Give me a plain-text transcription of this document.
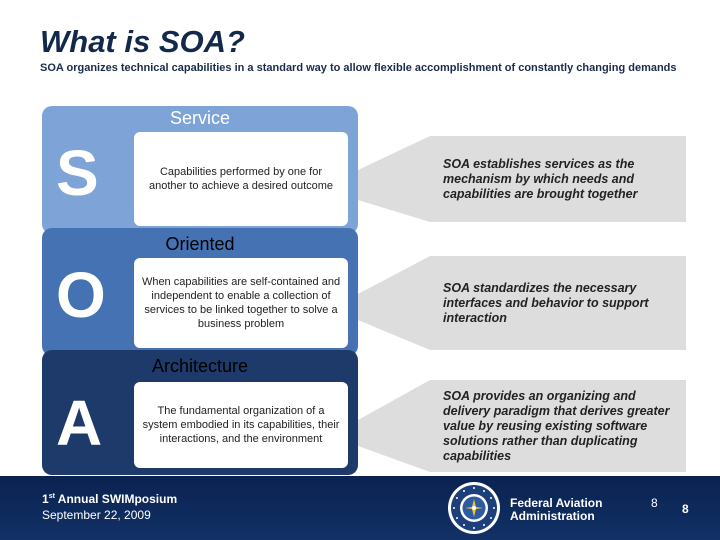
What is SOA?
SOA organizes technical capabilities in a standard way to allow flexible accomplishment of constantly changing demands
Service
S	Capabilities performed by one for another to achieve a desired outcome
Oriented
O	When capabilities are self-contained and independent to enable a collection of services to be linked together to solve a business problem
Architecture
A	The fundamental organization of a system embodied in its capabilities, their interactions, and the environment
SOA establishes services as the mechanism by which needs and capabilities are brought together
SOA standardizes the necessary interfaces and behavior to support interaction
SOA provides an organizing and delivery paradigm that derives greater value by reusing existing software solutions rather than duplicating capabilities
1st Annual SWIMposium
September 22, 2009
Federal Aviation
Administration
8 8
